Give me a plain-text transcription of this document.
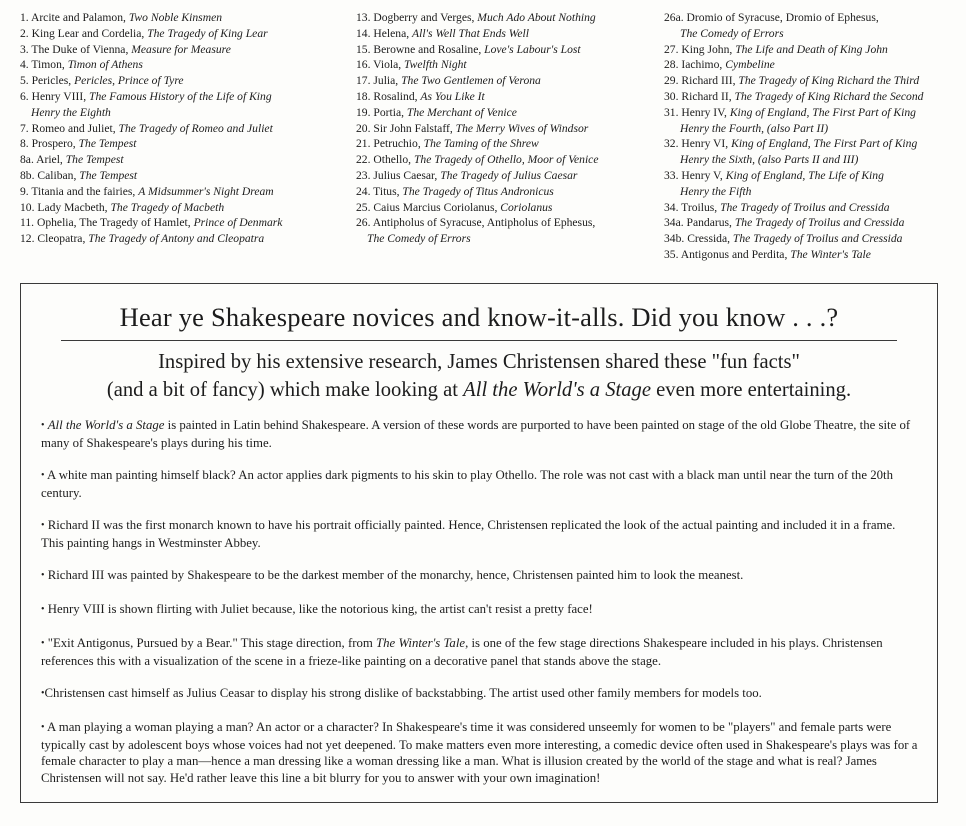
1. Arcite and Palamon, Two Noble Kinsmen
2. King Lear and Cordelia, The Tragedy of King Lear
3. The Duke of Vienna, Measure for Measure
4. Timon, Timon of Athens
5. Pericles, Pericles, Prince of Tyre
6. Henry VIII, The Famous History of the Life of King
Henry the Eighth
7. Romeo and Juliet, The Tragedy of Romeo and Juliet
8. Prospero, The Tempest
8a. Ariel, The Tempest
8b. Caliban, The Tempest
9. Titania and the fairies, A Midsummer's Night Dream
10. Lady Macbeth, The Tragedy of Macbeth
11. Ophelia, The Tragedy of Hamlet, Prince of Denmark
12. Cleopatra, The Tragedy of Antony and Cleopatra
13. Dogberry and Verges, Much Ado About Nothing
14. Helena, All's Well That Ends Well
15. Berowne and Rosaline, Love's Labour's Lost
16. Viola, Twelfth Night
17. Julia, The Two Gentlemen of Verona
18. Rosalind, As You Like It
19. Portia, The Merchant of Venice
20. Sir John Falstaff, The Merry Wives of Windsor
21. Petruchio, The Taming of the Shrew
22. Othello, The Tragedy of Othello, Moor of Venice
23. Julius Caesar, The Tragedy of Julius Caesar
24. Titus, The Tragedy of Titus Andronicus
25. Caius Marcius Coriolanus, Coriolanus
26. Antipholus of Syracuse, Antipholus of Ephesus,
The Comedy of Errors
26a. Dromio of Syracuse, Dromio of Ephesus,
The Comedy of Errors
27. King John, The Life and Death of King John
28. Iachimo, Cymbeline
29. Richard III, The Tragedy of King Richard the Third
30. Richard II, The Tragedy of King Richard the Second
31. Henry IV, King of England, The First Part of King
Henry the Fourth, (also Part II)
32. Henry VI, King of England, The First Part of King
Henry the Sixth, (also Parts II and III)
33. Henry V, King of England, The Life of King
Henry the Fifth
34. Troilus, The Tragedy of Troilus and Cressida
34a. Pandarus, The Tragedy of Troilus and Cressida
34b. Cressida, The Tragedy of Troilus and Cressida
35. Antigonus and Perdita, The Winter's Tale
Hear ye Shakespeare novices and know-it-alls. Did you know . . .?

Inspired by his extensive research, James Christensen shared these "fun facts"

(and a bit of fancy) which make looking at All the World's a Stage even more entertaining.

• All the World's a Stage is painted in Latin behind Shakespeare. A version of these words are purported to have been painted on stage of the old Globe Theatre, the site of many of Shakespeare's plays during his time.

• A white man painting himself black? An actor applies dark pigments to his skin to play Othello. The role was not cast with a black man until near the turn of the 20th century.

• Richard II was the first monarch known to have his portrait officially painted. Hence, Christensen replicated the look of the actual painting and included it in a frame. This painting hangs in Westminster Abbey.

• Richard III was painted by Shakespeare to be the darkest member of the monarchy, hence, Christensen painted him to look the meanest.

• Henry VIII is shown flirting with Juliet because, like the notorious king, the artist can't resist a pretty face!

• "Exit Antigonus, Pursued by a Bear." This stage direction, from The Winter's Tale, is one of the few stage directions Shakespeare included in his plays. Christensen references this with a visualization of the scene in a frieze-like painting on a decorative panel that stands above the stage.

•Christensen cast himself as Julius Ceasar to display his strong dislike of backstabbing. The artist used other family members for models too.

• A man playing a woman playing a man? An actor or a character? In Shakespeare's time it was considered unseemly for women to be "players" and female parts were typically cast by adolescent boys whose voices had not yet deepened. To make matters even more interesting, a comedic device often used in Shakespeare's plays was for a female character to play a man—hence a man dressing like a woman dressing like a man. What is illusion created by the world of the stage and what is real? James Christensen will not say. He'd rather leave this line a bit blurry for you to answer with your own imagination!
